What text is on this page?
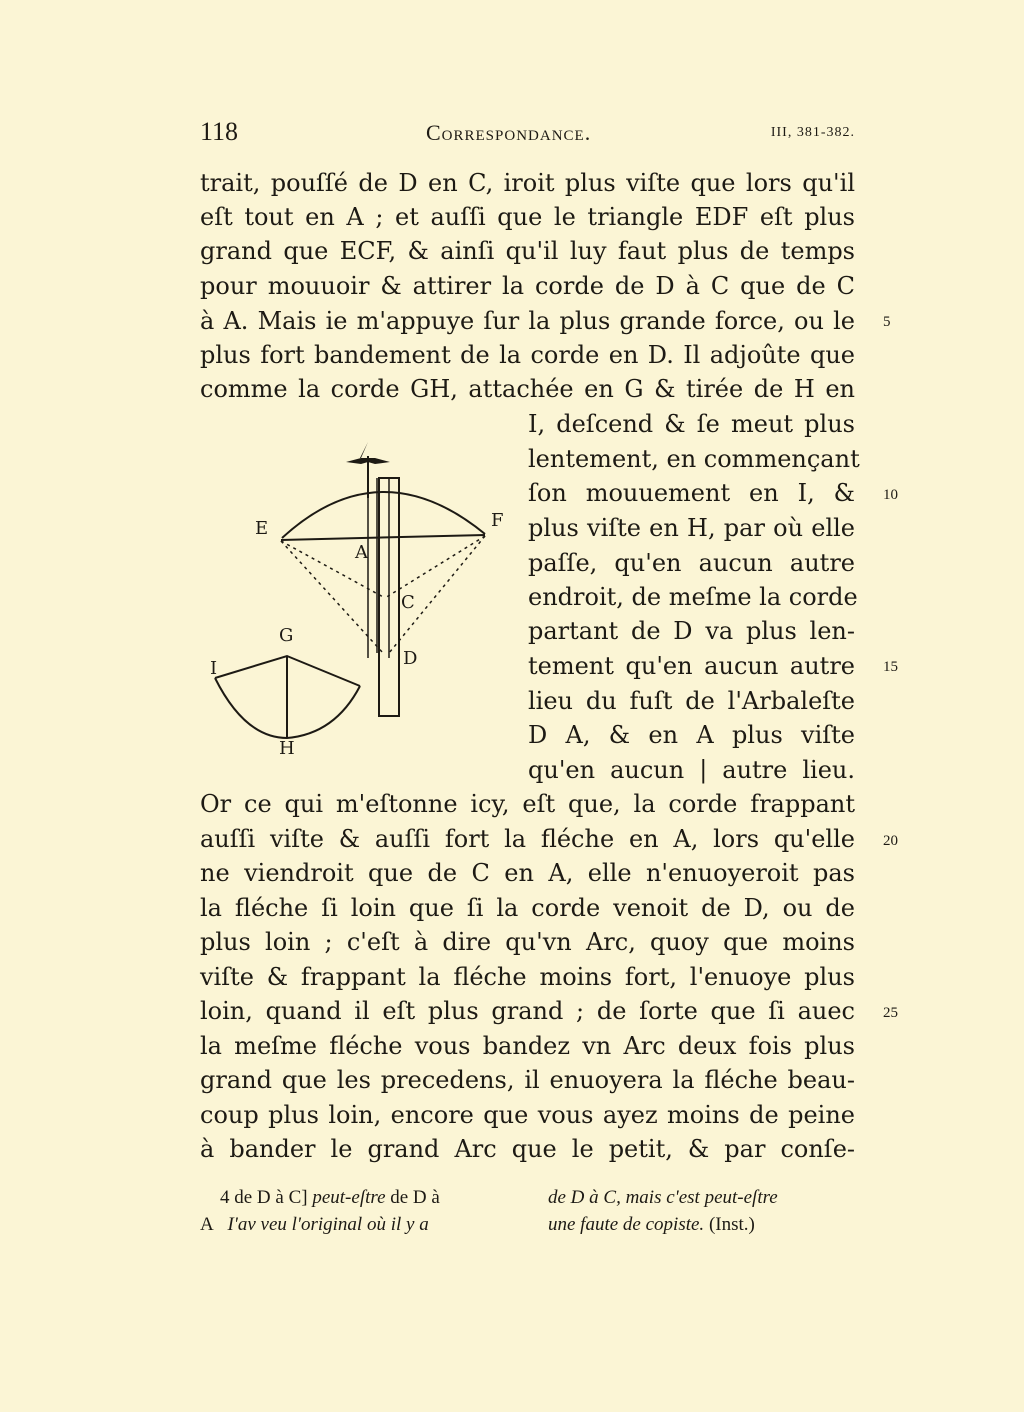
118	Correspondance.	III, 381-382.
trait, pouſſé de D en C, iroit plus viſte que lors qu'il
eſt tout en A ; et auſſi que le triangle EDF eſt plus
grand que ECF, & ainſi qu'il luy faut plus de temps
pour mouuoir & attirer la corde de D à C que de C
à A. Mais ie m'appuye ſur la plus grande force, ou le
plus fort bandement de la corde en D. Il adjoûte que
comme la corde GH, attachée en G & tirée de H en
I, deſcend & ſe meut plus
lentement, en commençant
ſon mouuement en I, &
plus viſte en H, par où elle
paſſe, qu'en aucun autre
endroit, de meſme la corde
partant de D va plus len-
tement qu'en aucun autre
lieu du fuſt de l'Arbaleſte
D A, & en A plus viſte
qu'en aucun | autre lieu.
Or ce qui m'eſtonne icy, eſt que, la corde frappant
auſſi viſte & auſſi fort la fléche en A, lors qu'elle
ne viendroit que de C en A, elle n'enuoyeroit pas
la fléche ſi loin que ſi la corde venoit de D, ou de
plus loin ; c'eſt à dire qu'vn Arc, quoy que moins
viſte & frappant la fléche moins fort, l'enuoye plus
loin, quand il eſt plus grand ; de ſorte que ſi auec
la meſme fléche vous bandez vn Arc deux fois plus
grand que les precedens, il enuoyera la fléche beau-
coup plus loin, encore que vous ayez moins de peine
à bander le grand Arc que le petit, & par conſe-
5
10
15
20
25
E	F
A
C
D
G
I
H
4 de D à C] peut-eſtre de D à
A I'av veu l'original où il y a
de D à C, mais c'est peut-eſtre
une faute de copiste. (Inst.)
